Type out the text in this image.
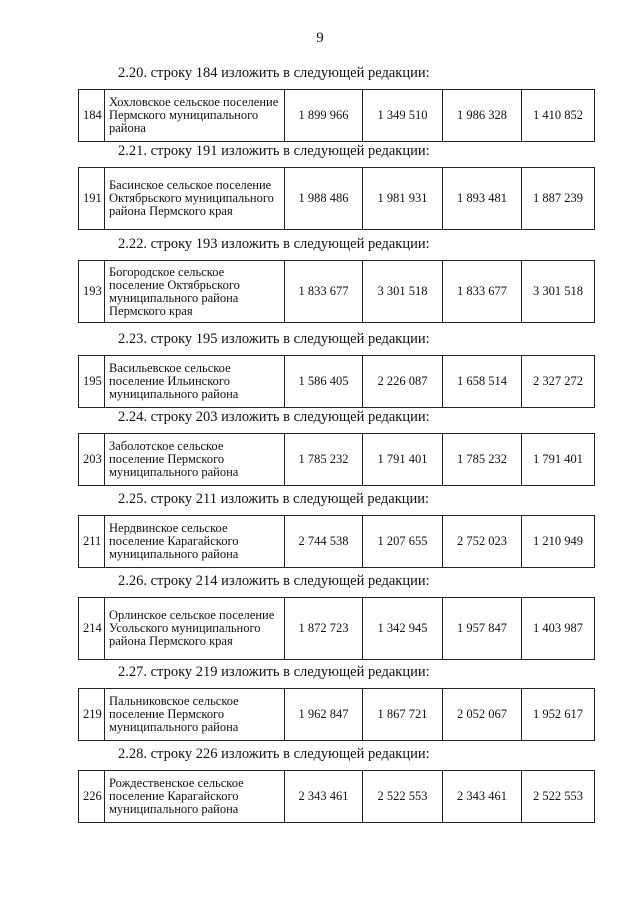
9
2.20. строку 184 изложить в следующей редакции:
184	Хохловское сельское поселение Пермского муниципального района	1 899 966	1 349 510	1 986 328	1 410 852
2.21. строку 191 изложить в следующей редакции:
191	Басинское сельское поселение Октябрьского муниципального района Пермского края	1 988 486	1 981 931	1 893 481	1 887 239
2.22. строку 193 изложить в следующей редакции:
193	Богородское сельское поселение Октябрьского муниципального района Пермского края	1 833 677	3 301 518	1 833 677	3 301 518
2.23. строку 195 изложить в следующей редакции:
195	Васильевское сельское поселение Ильинского муниципального района	1 586 405	2 226 087	1 658 514	2 327 272
2.24. строку 203 изложить в следующей редакции:
203	Заболотское сельское поселение Пермского муниципального района	1 785 232	1 791 401	1 785 232	1 791 401
2.25. строку 211 изложить в следующей редакции:
211	Нердвинское сельское поселение Карагайского муниципального района	2 744 538	1 207 655	2 752 023	1 210 949
2.26. строку 214 изложить в следующей редакции:
214	Орлинское сельское поселение Усольского муниципального района Пермского края	1 872 723	1 342 945	1 957 847	1 403 987
2.27. строку 219 изложить в следующей редакции:
219	Пальниковское сельское поселение Пермского муниципального района	1 962 847	1 867 721	2 052 067	1 952 617
2.28. строку 226 изложить в следующей редакции:
226	Рождественское сельское поселение Карагайского муниципального района	2 343 461	2 522 553	2 343 461	2 522 553
